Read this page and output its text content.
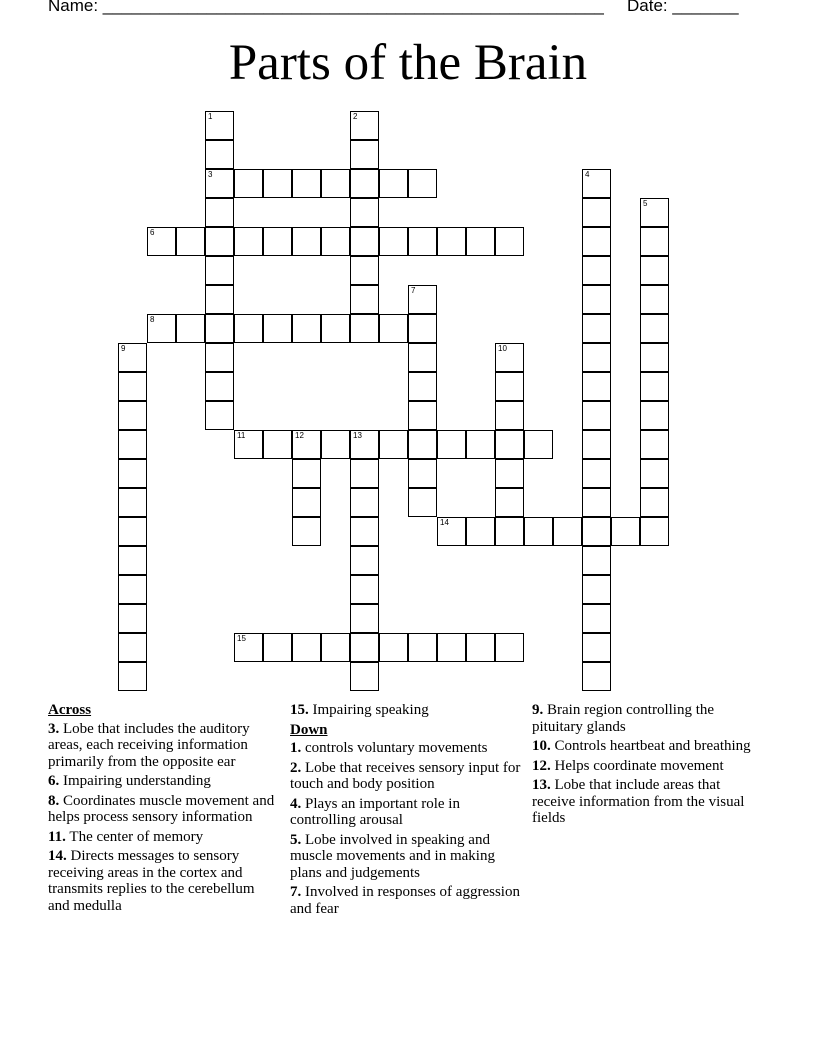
Name: _____________________________________________________ Date: _______
Parts of the Brain
1
3
2
4
5
6
7
8
9	10
11	12	13
14
15
Across
3. Lobe that includes the auditory areas, each receiving information primarily from the opposite ear
6. Impairing understanding
8. Coordinates muscle movement and helps process sensory information
11. The center of memory
14. Directs messages to sensory receiving areas in the cortex and transmits replies to the cerebellum and medulla
15. Impairing speaking
Down
1. controls voluntary movements
2. Lobe that receives sensory input for touch and body position
4. Plays an important role in controlling arousal
5. Lobe involved in speaking and muscle movements and in making plans and judgements
7. Involved in responses of aggression and fear
9. Brain region controlling the pituitary glands
10. Controls heartbeat and breathing
12. Helps coordinate movement
13. Lobe that include areas that receive information from the visual fields
